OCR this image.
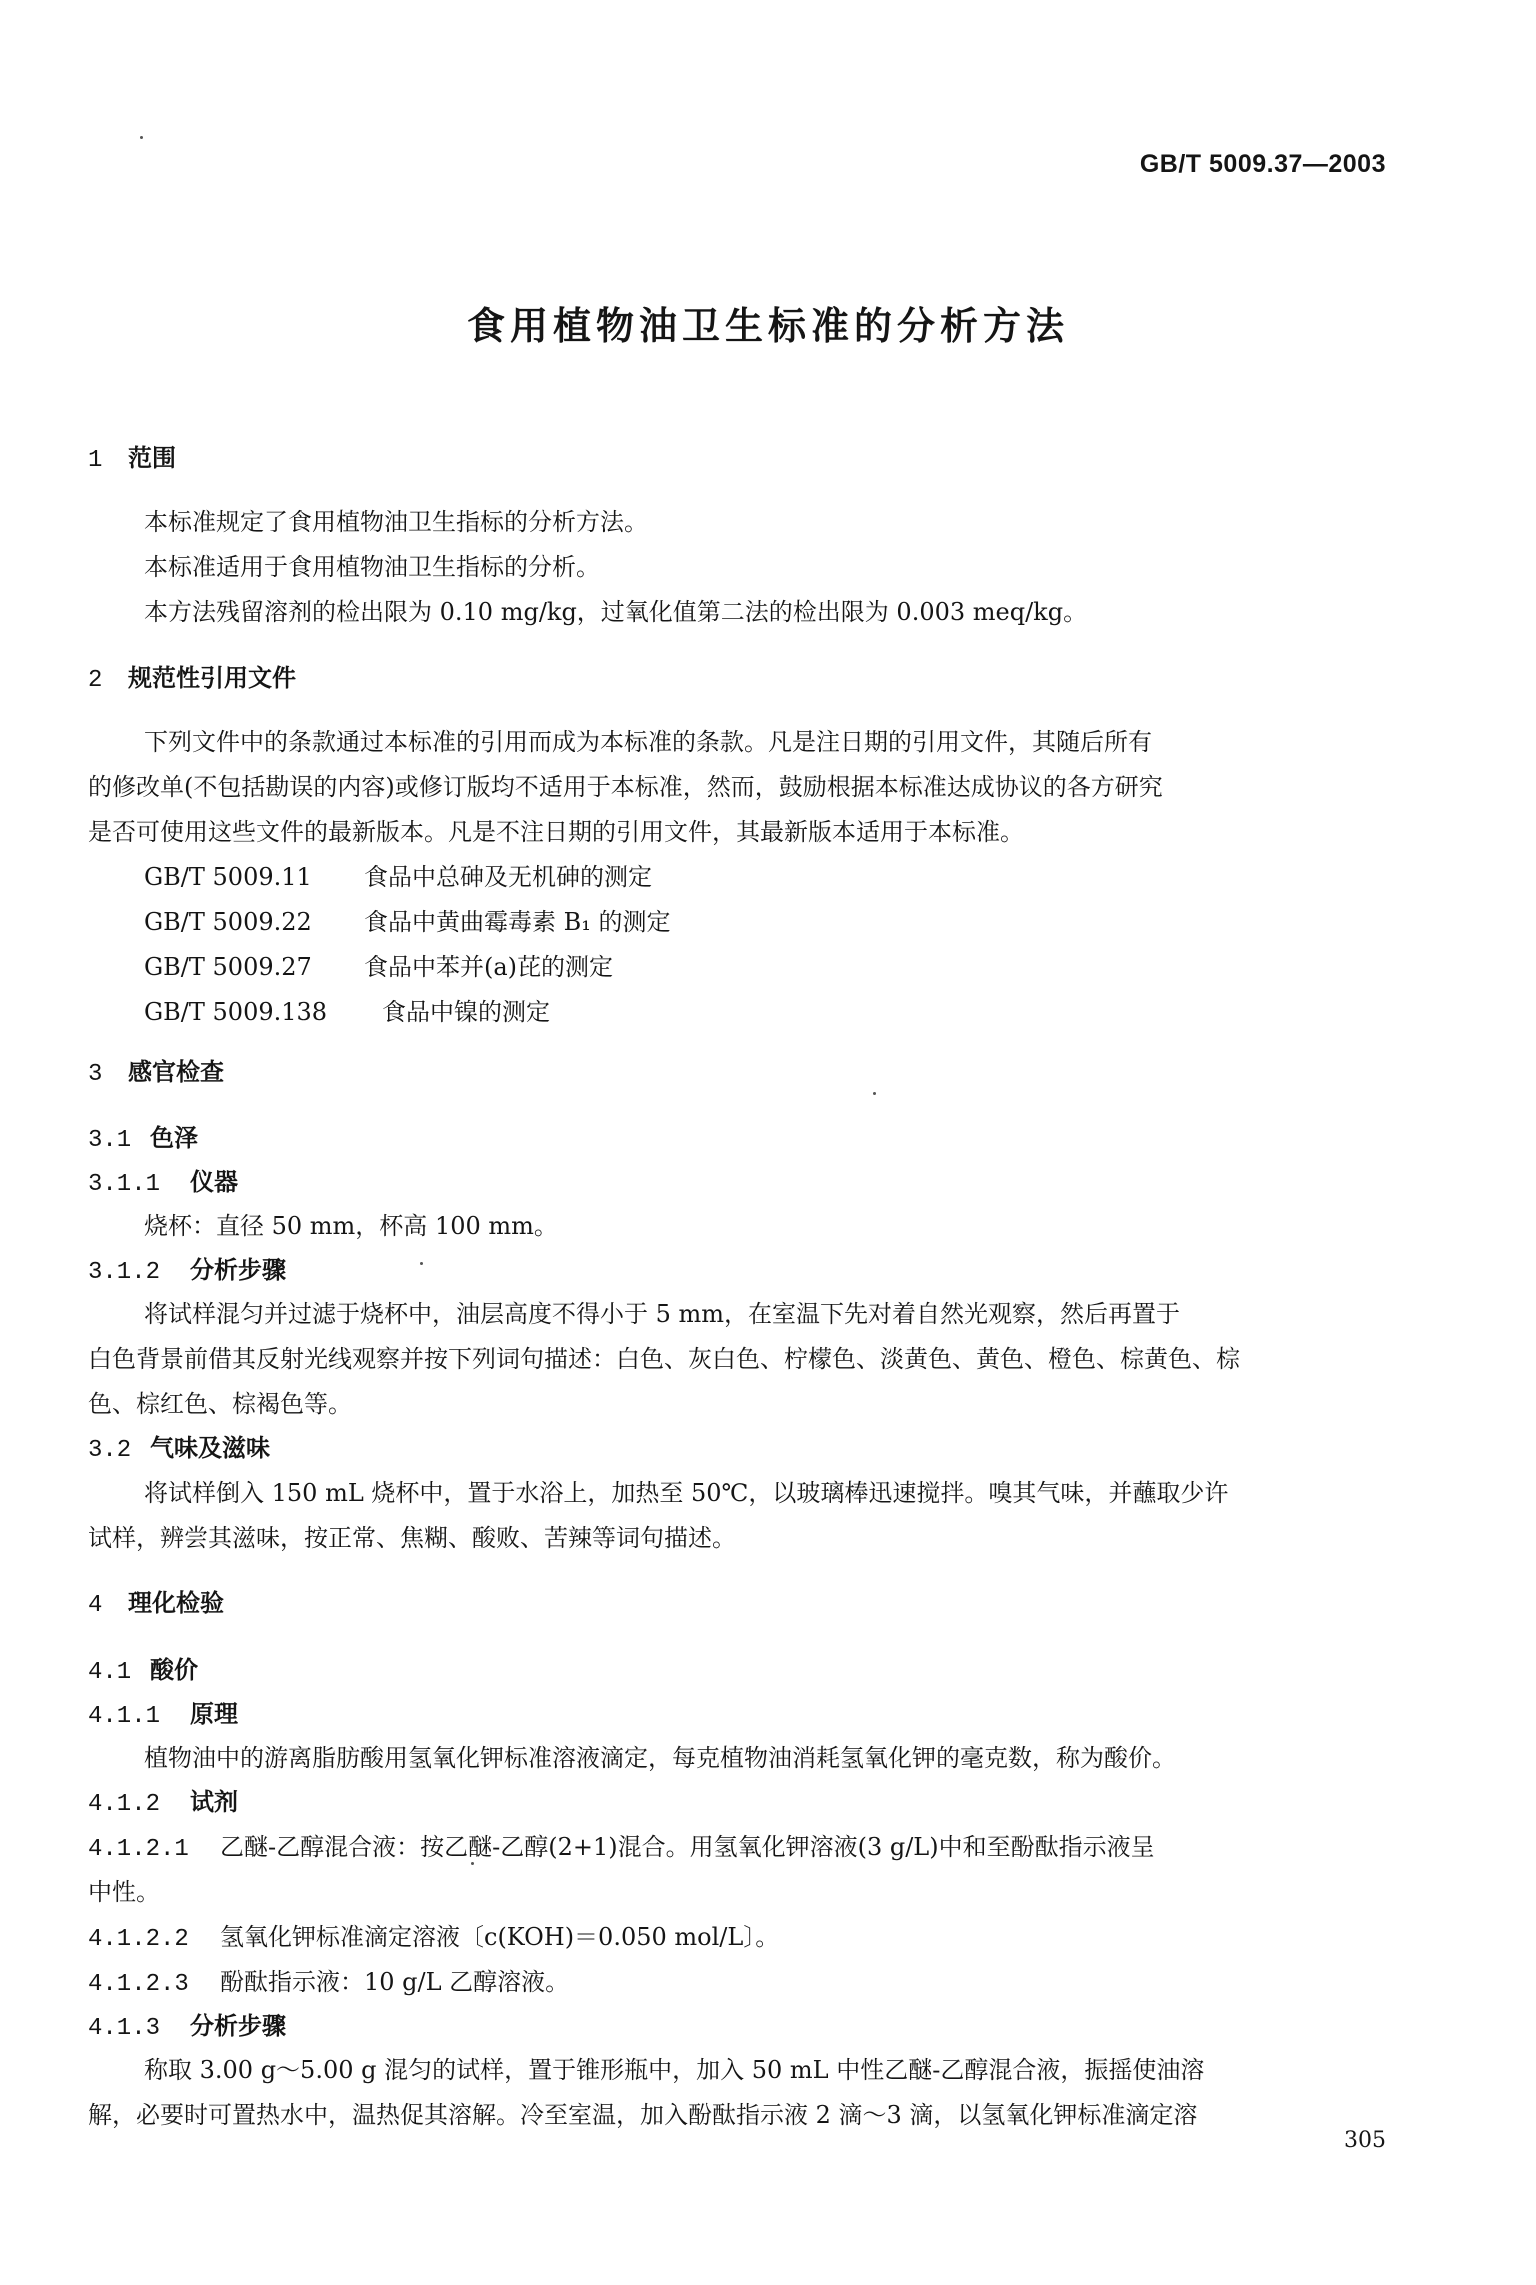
GB/T 5009.37—2003
食用植物油卫生标准的分析方法
1 范围
本标准规定了食用植物油卫生指标的分析方法。
本标准适用于食用植物油卫生指标的分析。
本方法残留溶剂的检出限为 0.10 mg/kg，过氧化值第二法的检出限为 0.003 meq/kg。
2 规范性引用文件
下列文件中的条款通过本标准的引用而成为本标准的条款。凡是注日期的引用文件，其随后所有
的修改单(不包括勘误的内容)或修订版均不适用于本标准，然而，鼓励根据本标准达成协议的各方研究
是否可使用这些文件的最新版本。凡是不注日期的引用文件，其最新版本适用于本标准。
GB/T 5009.11 食品中总砷及无机砷的测定
GB/T 5009.22 食品中黄曲霉毒素 B₁ 的测定
GB/T 5009.27 食品中苯并(a)芘的测定
GB/T 5009.138 食品中镍的测定
3 感官检查
3.1 色泽
3.1.1 仪器
烧杯：直径 50 mm，杯高 100 mm。
3.1.2 分析步骤
将试样混匀并过滤于烧杯中，油层高度不得小于 5 mm，在室温下先对着自然光观察，然后再置于
白色背景前借其反射光线观察并按下列词句描述：白色、灰白色、柠檬色、淡黄色、黄色、橙色、棕黄色、棕
色、棕红色、棕褐色等。
3.2 气味及滋味
将试样倒入 150 mL 烧杯中，置于水浴上，加热至 50℃，以玻璃棒迅速搅拌。嗅其气味，并蘸取少许
试样，辨尝其滋味，按正常、焦糊、酸败、苦辣等词句描述。
4 理化检验
4.1 酸价
4.1.1 原理
植物油中的游离脂肪酸用氢氧化钾标准溶液滴定，每克植物油消耗氢氧化钾的毫克数，称为酸价。
4.1.2 试剂
4.1.2.1 乙醚-乙醇混合液：按乙醚-乙醇(2+1)混合。用氢氧化钾溶液(3 g/L)中和至酚酞指示液呈
中性。
4.1.2.2 氢氧化钾标准滴定溶液〔c(KOH)＝0.050 mol/L〕。
4.1.2.3 酚酞指示液：10 g/L 乙醇溶液。
4.1.3 分析步骤
称取 3.00 g～5.00 g 混匀的试样，置于锥形瓶中，加入 50 mL 中性乙醚-乙醇混合液，振摇使油溶
解，必要时可置热水中，温热促其溶解。冷至室温，加入酚酞指示液 2 滴～3 滴，以氢氧化钾标准滴定溶
305
